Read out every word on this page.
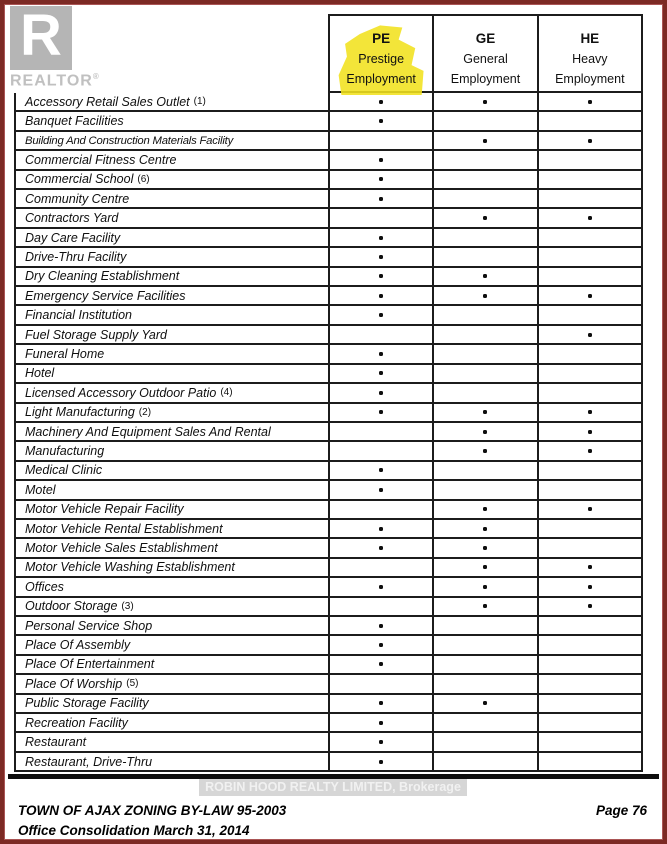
R
REALTOR®
PE
Prestige
Employment
GE
General
Employment
HE
Heavy
Employment
Accessory Retail Sales Outlet (1)
Banquet Facilities
Building And Construction Materials Facility
Commercial Fitness Centre
Commercial School (6)
Community Centre
Contractors Yard
Day Care Facility
Drive-Thru Facility
Dry Cleaning Establishment
Emergency Service Facilities
Financial Institution
Fuel Storage Supply Yard
Funeral Home
Hotel
Licensed Accessory Outdoor Patio (4)
Light Manufacturing (2)
Machinery And Equipment Sales And Rental
Manufacturing
Medical Clinic
Motel
Motor Vehicle Repair Facility
Motor Vehicle Rental Establishment
Motor Vehicle Sales Establishment
Motor Vehicle Washing Establishment
Offices
Outdoor Storage (3)
Personal Service Shop
Place Of Assembly
Place Of Entertainment
Place Of Worship (5)
Public Storage Facility
Recreation Facility
Restaurant
Restaurant, Drive-Thru
ROBIN HOOD REALTY LIMITED, Brokerage
TOWN OF AJAX ZONING BY-LAW 95-2003
Office Consolidation March 31, 2014
Page 76
